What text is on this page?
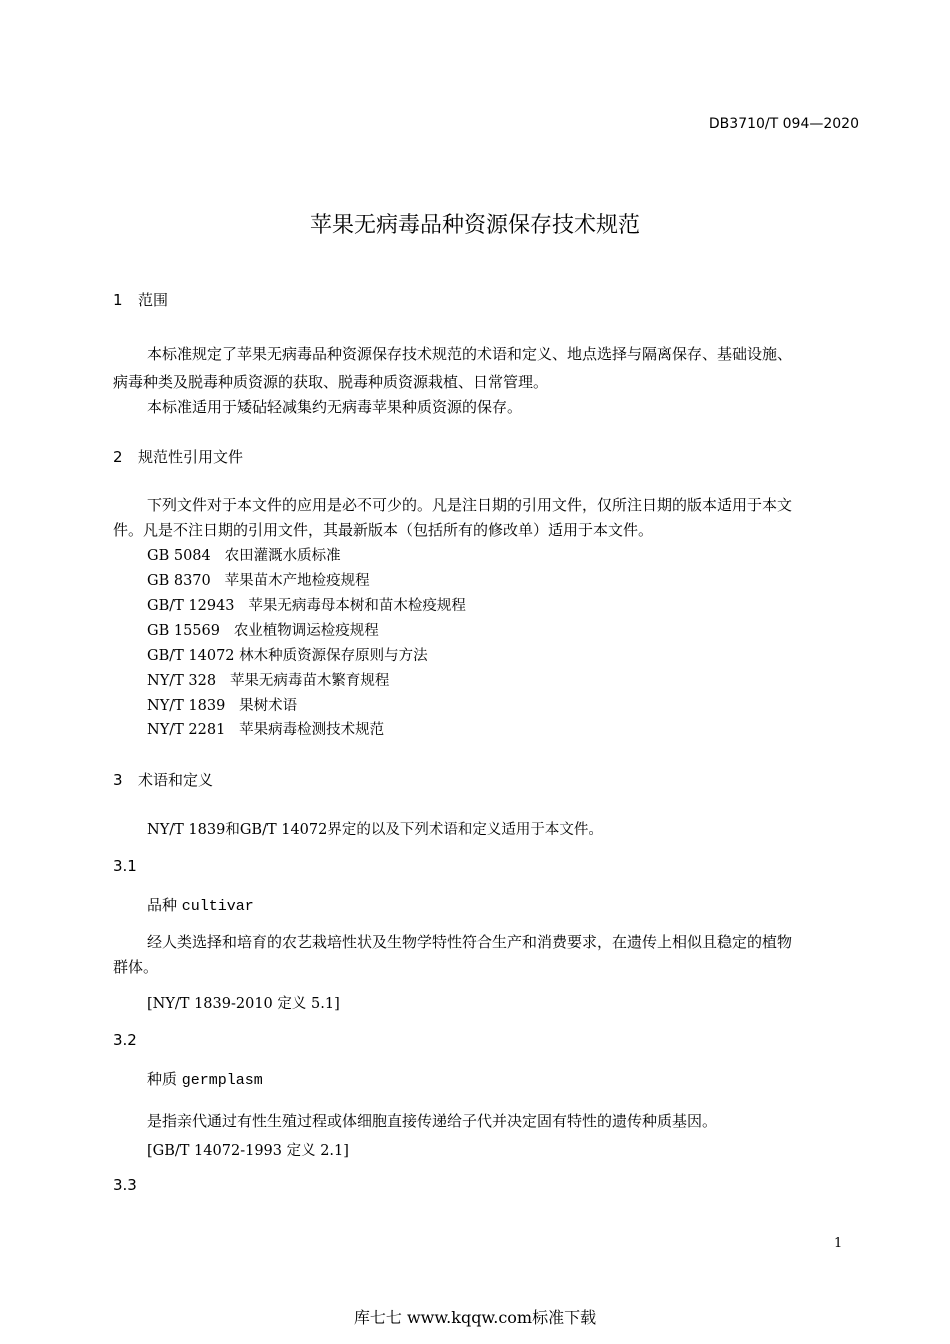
DB3710/T 094—2020
苹果无病毒品种资源保存技术规范
1 范围
本标准规定了苹果无病毒品种资源保存技术规范的术语和定义、地点选择与隔离保存、基础设施、
病毒种类及脱毒种质资源的获取、脱毒种质资源栽植、日常管理。
本标准适用于矮砧轻减集约无病毒苹果种质资源的保存。
2 规范性引用文件
下列文件对于本文件的应用是必不可少的。凡是注日期的引用文件，仅所注日期的版本适用于本文
件。凡是不注日期的引用文件，其最新版本（包括所有的修改单）适用于本文件。
GB 5084 农田灌溉水质标准
GB 8370 苹果苗木产地检疫规程
GB/T 12943 苹果无病毒母本树和苗木检疫规程
GB 15569 农业植物调运检疫规程
GB/T 14072 林木种质资源保存原则与方法
NY/T 328 苹果无病毒苗木繁育规程
NY/T 1839 果树术语
NY/T 2281 苹果病毒检测技术规范
3 术语和定义
NY/T 1839和GB/T 14072界定的以及下列术语和定义适用于本文件。
3.1
品种 cultivar
经人类选择和培育的农艺栽培性状及生物学特性符合生产和消费要求，在遗传上相似且稳定的植物
群体。
[NY/T 1839-2010 定义 5.1]
3.2
种质 germplasm
是指亲代通过有性生殖过程或体细胞直接传递给子代并决定固有特性的遗传种质基因。
[GB/T 14072-1993 定义 2.1]
3.3
1
库七七 www.kqqw.com标准下载
